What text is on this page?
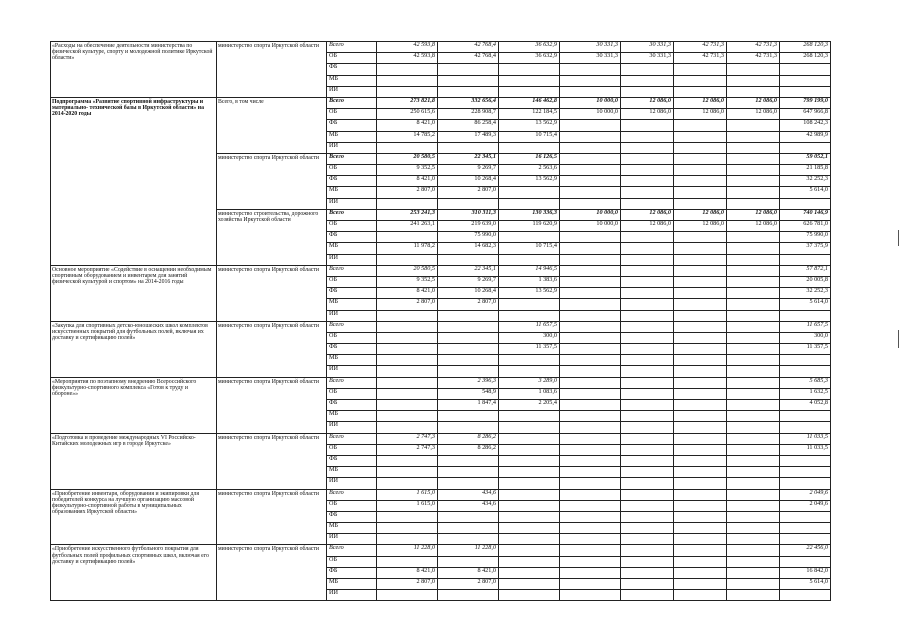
«Расходы на обеспечение деятельности министерства по физической культуре, спорту и молодежной политике Иркутской области»	министерство спорта Иркутской области	Всего	42 593,8	42 768,4	36 632,9	30 331,3	30 331,3	42 731,3	42 731,3	268 120,3
		ОБ	42 593,8	42 768,4	36 632,9	30 331,3	30 331,3	42 731,3	42 731,3	268 120,3
		ФБ								
		МБ								
		ИИ								
Подпрограмма «Развитие спортивной инфраструктуры и материально- технической базы в Иркутской области» на 2014-2020 годы	Всего, в том числе	Всего	273 821,8	332 656,4	146 462,8	10 000,0	12 086,0	12 086,0	12 086,0	799 199,0
		ОБ	250 615,6	228 908,7	122 184,5	10 000,0	12 086,0	12 086,0	12 086,0	647 966,8
		ФБ	8 421,0	86 258,4	13 562,9					108 242,3
		МБ	14 785,2	17 489,3	10 715,4					42 989,9
		ИИ								
	министерство спорта Иркутской области	Всего	20 580,5	22 345,1	16 126,5					59 052,1
		ОБ	9 352,5	9 269,7	2 563,6					21 185,8
		ФБ	8 421,0	10 268,4	13 562,9					32 252,3
		МБ	2 807,0	2 807,0						5 614,0
		ИИ								
	министерство строительства, дорожного хозяйства Иркутской области	Всего	253 241,3	310 311,3	130 336,3	10 000,0	12 086,0	12 086,0	12 086,0	740 146,9
		ОБ	241 263,1	219 639,0	119 620,9	10 000,0	12 086,0	12 086,0	12 086,0	626 781,0
		ФБ		75 990,0						75 990,0
		МБ	11 978,2	14 682,3	10 715,4					37 375,9
		ИИ								
Основное мероприятие «Содействие в оснащении необходимым спортивным оборудованием и инвентарем для занятий физической культурой и спортом» на 2014-2016 годы	министерство спорта Иркутской области	Всего	20 580,5	22 345,1	14 946,5					57 872,1
		ОБ	9 352,5	9 269,7	1 383,6					20 005,8
		ФБ	8 421,0	10 268,4	13 562,9					32 252,3
		МБ	2 807,0	2 807,0						5 614,0
		ИИ								
«Закупка для спортивных детско-юношеских школ комплектов искусственных покрытий для футбольных полей, включая их доставку и сертификацию полей»	министерство спорта Иркутской области	Всего			11 657,5					11 657,5
		ОБ			300,0					300,0
		ФБ			11 357,5					11 357,5
		МБ								
		ИИ								
«Мероприятия по поэтапному внедрению Всероссийского физкультурно-спортивного комплекса «Готов к труду и обороне»»	министерство спорта Иркутской области	Всего		2 396,3	3 289,0					5 685,3
		ОБ		548,9	1 083,6					1 632,5
		ФБ		1 847,4	2 205,4					4 052,8
		МБ								
		ИИ								
«Подготовка и проведение международных VI Российско-Китайских молодежных игр в городе Иркутске»	министерство спорта Иркутской области	Всего	2 747,3	8 286,2						11 033,5
		ОБ	2 747,3	8 286,2						11 033,5
		ФБ								
		МБ								
		ИИ								
«Приобретение инвентаря, оборудования и экипировки для победителей конкурса на лучшую организацию массовой физкультурно-спортивной работы в муниципальных образованиях Иркутской области»	министерство спорта Иркутской области	Всего	1 615,0	434,6						2 049,6
		ОБ	1 615,0	434,6						2 049,6
		ФБ								
		МБ								
		ИИ								
«Приобретение искусственного футбольного покрытия для футбольных полей профильных спортивных школ, включая его доставку и сертификацию полей»	министерство спорта Иркутской области	Всего	11 228,0	11 228,0						22 456,0
		ОБ								
		ФБ	8 421,0	8 421,0						16 842,0
		МБ	2 807,0	2 807,0						5 614,0
		ИИ								
